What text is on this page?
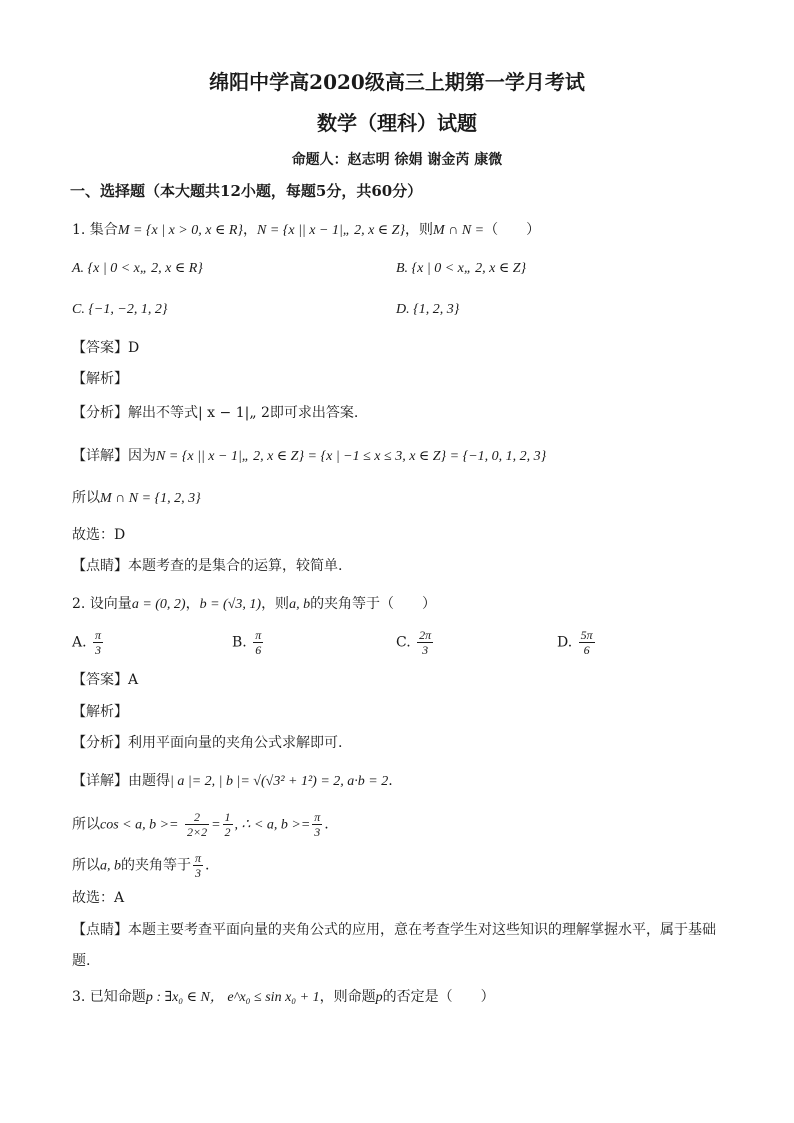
绵阳中学高2020级高三上期第一学月考试
数学（理科）试题
命题人：赵志明 徐娟 谢金芮 康微
一、选择题（本大题共12小题，每题5分，共60分）
1. 集合M = {x | x > 0, x ∈ R}，N = {x || x − 1|„ 2, x ∈ Z}，则M ∩ N =（　　）
A. {x | 0 < x„ 2, x ∈ R}	B. {x | 0 < x„ 2, x ∈ Z}
C. {−1, −2, 1, 2}	D. {1, 2, 3}
【答案】D
【解析】
【分析】解出不等式| x − 1|„ 2即可求出答案.
【详解】因为N = {x || x − 1|„ 2, x ∈ Z} = {x | −1 ≤ x ≤ 3, x ∈ Z} = {−1, 0, 1, 2, 3}
所以M ∩ N = {1, 2, 3}
故选：D
【点睛】本题考查的是集合的运算，较简单.
2. 设向量a = (0, 2)，b = (√3, 1)，则a, b的夹角等于（　　）
A. $\frac{\pi}{3}$	B. $\frac{\pi}{6}$	C. $\frac{2\pi}{3}$	D. $\frac{5\pi}{6}$
【答案】A
【解析】
【分析】利用平面向量的夹角公式求解即可.
【详解】由题得| a |= 2, | b |= √(√3² + 1²) = 2, a·b = 2.
所以cos < a, $b >= \frac{2}{2\times 2} = \frac{1}{2}$ , ∴ < a, $b >= \frac{\pi}{3}$ .
所以a, b的夹角等于 $\frac{\pi}{3}$ .
故选：A
【点睛】本题主要考查平面向量的夹角公式的应用，意在考查学生对这些知识的理解掌握水平，属于基础
题.
3. 已知命题p : ∃x₀ ∈ N， e^x₀ ≤ sin x₀ + 1，则命题p的否定是（　　）
